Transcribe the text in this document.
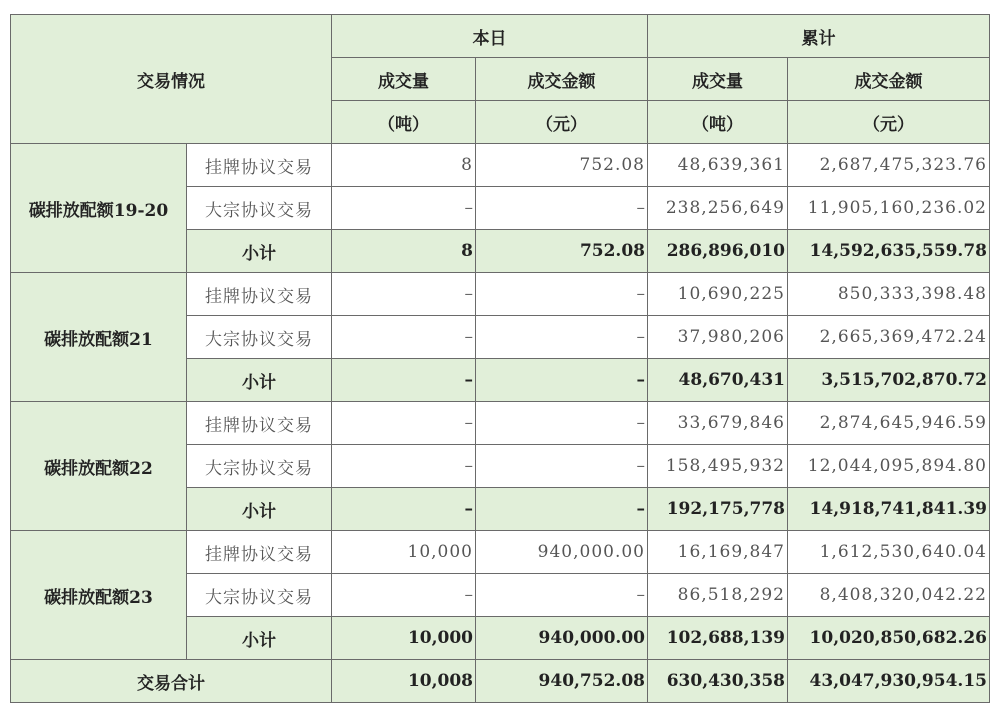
交易情况		本日		累计	
		成交量	成交金额	成交量	成交金额
		（吨）	（元）	（吨）	（元）
碳排放配额19-20	挂牌协议交易	8	752.08	48,639,361	2,687,475,323.76
	大宗协议交易	–	–	238,256,649	11,905,160,236.02
	小计	8	752.08	286,896,010	14,592,635,559.78
碳排放配额21	挂牌协议交易	–	–	10,690,225	850,333,398.48
	大宗协议交易	–	–	37,980,206	2,665,369,472.24
	小计	–	–	48,670,431	3,515,702,870.72
碳排放配额22	挂牌协议交易	–	–	33,679,846	2,874,645,946.59
	大宗协议交易	–	–	158,495,932	12,044,095,894.80
	小计	–	–	192,175,778	14,918,741,841.39
碳排放配额23	挂牌协议交易	10,000	940,000.00	16,169,847	1,612,530,640.04
	大宗协议交易	–	–	86,518,292	8,408,320,042.22
	小计	10,000	940,000.00	102,688,139	10,020,850,682.26
交易合计		10,008	940,752.08	630,430,358	43,047,930,954.15
